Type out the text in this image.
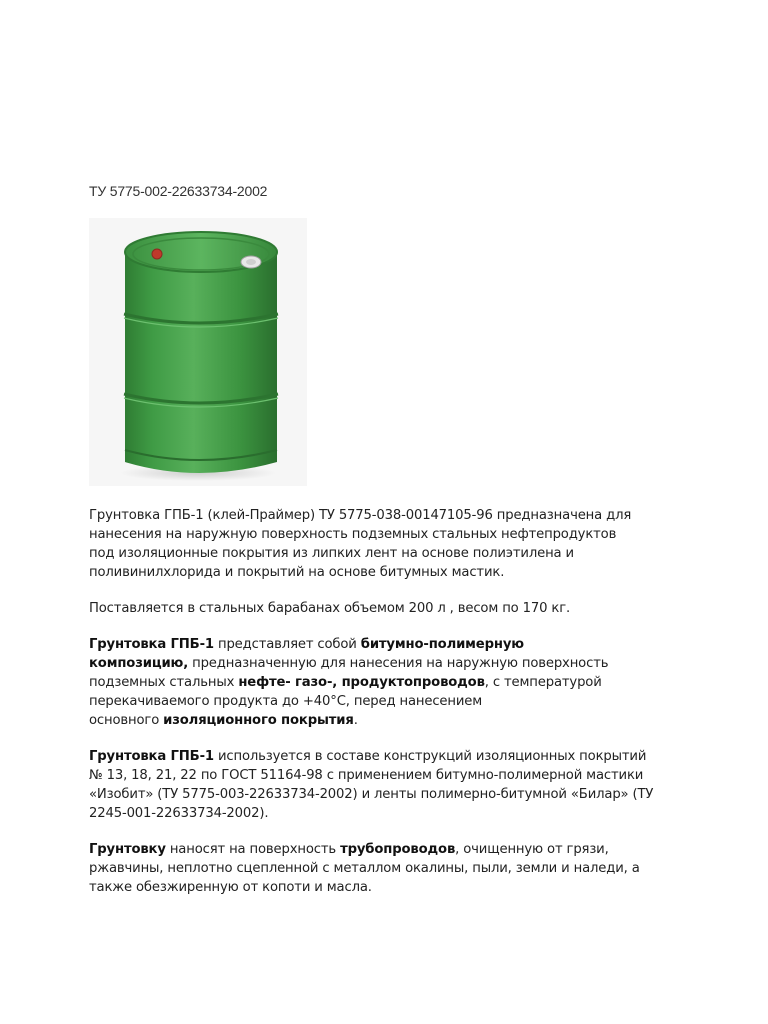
ТУ 5775-002-22633734-2002
Грунтовка ГПБ-1 (клей-Праймер) ТУ 5775-038-00147105-96 предназначена для
нанесения на наружную поверхность подземных стальных нефтепродуктов
под изоляционные покрытия из липких лент на основе полиэтилена и
поливинилхлорида и покрытий на основе битумных мастик.
Поставляется в стальных барабанах объемом 200 л , весом по 170 кг.
Грунтовка ГПБ-1 представляет собой битумно-полимерную
композицию, предназначенную для нанесения на наружную поверхность
подземных стальных нефте- газо-, продуктопроводов, с температурой
перекачиваемого продукта до +40°С, перед нанесением
основного изоляционного покрытия.
Грунтовка ГПБ-1 используется в составе конструкций изоляционных покрытий
№ 13, 18, 21, 22 по ГОСТ 51164-98 с применением битумно-полимерной мастики
«Изобит» (ТУ 5775-003-22633734-2002) и ленты полимерно-битумной «Билар» (ТУ
2245-001-22633734-2002).
Грунтовку наносят на поверхность трубопроводов, очищенную от грязи,
ржавчины, неплотно сцепленной с металлом окалины, пыли, земли и наледи, а
также обезжиренную от копоти и масла.
